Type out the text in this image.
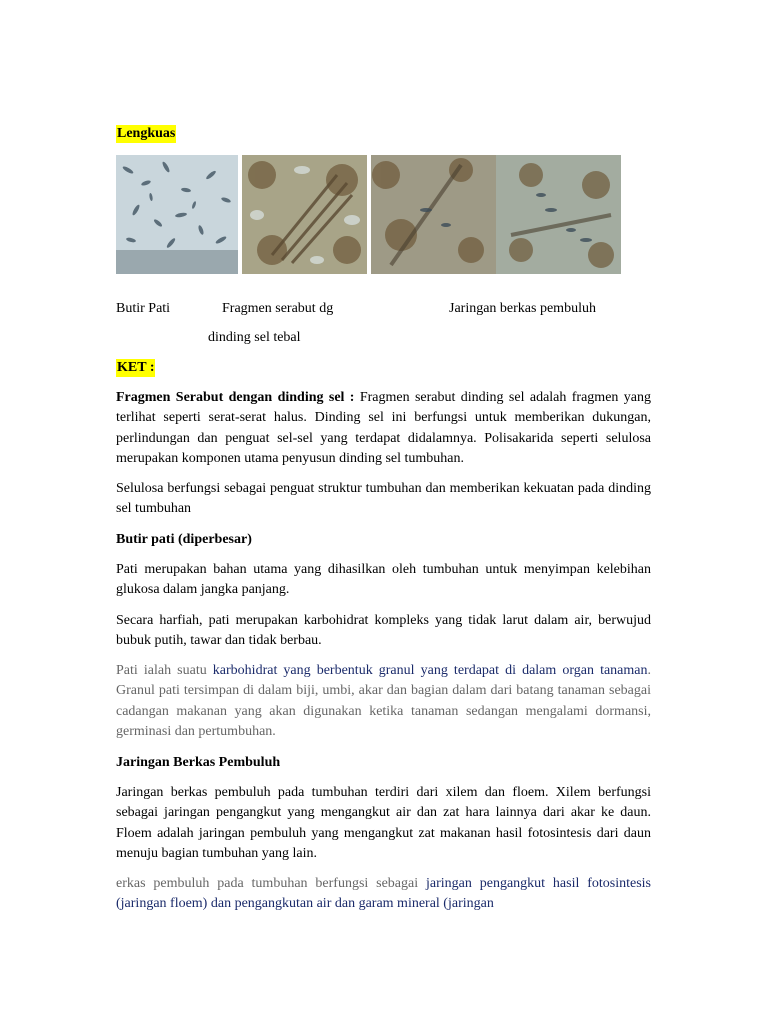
Lengkuas
Butir Pati	Fragmen serabut dg	Jaringan berkas pembuluh
dinding sel tebal
KET :

Fragmen Serabut dengan dinding sel : Fragmen serabut dinding sel adalah fragmen yang terlihat seperti serat-serat halus. Dinding sel ini berfungsi untuk memberikan dukungan, perlindungan dan penguat sel-sel yang terdapat didalamnya. Polisakarida seperti selulosa merupakan komponen utama penyusun dinding sel tumbuhan.

Selulosa berfungsi sebagai penguat struktur tumbuhan dan memberikan kekuatan pada dinding sel tumbuhan

Butir pati (diperbesar)

Pati merupakan bahan utama yang dihasilkan oleh tumbuhan untuk menyimpan kelebihan glukosa dalam jangka panjang.

Secara harfiah, pati merupakan karbohidrat kompleks yang tidak larut dalam air, berwujud bubuk putih, tawar dan tidak berbau.

Pati ialah suatu karbohidrat yang berbentuk granul yang terdapat di dalam organ tanaman. Granul pati tersimpan di dalam biji, umbi, akar dan bagian dalam dari batang tanaman sebagai cadangan makanan yang akan digunakan ketika tanaman sedangan mengalami dormansi, germinasi dan pertumbuhan.

Jaringan Berkas Pembuluh

Jaringan berkas pembuluh pada tumbuhan terdiri dari xilem dan floem. Xilem berfungsi sebagai jaringan pengangkut yang mengangkut air dan zat hara lainnya dari akar ke daun. Floem adalah jaringan pembuluh yang mengangkut zat makanan hasil fotosintesis dari daun menuju bagian tumbuhan yang lain.

erkas pembuluh pada tumbuhan berfungsi sebagai jaringan pengangkut hasil fotosintesis (jaringan floem) dan pengangkutan air dan garam mineral (jaringan
